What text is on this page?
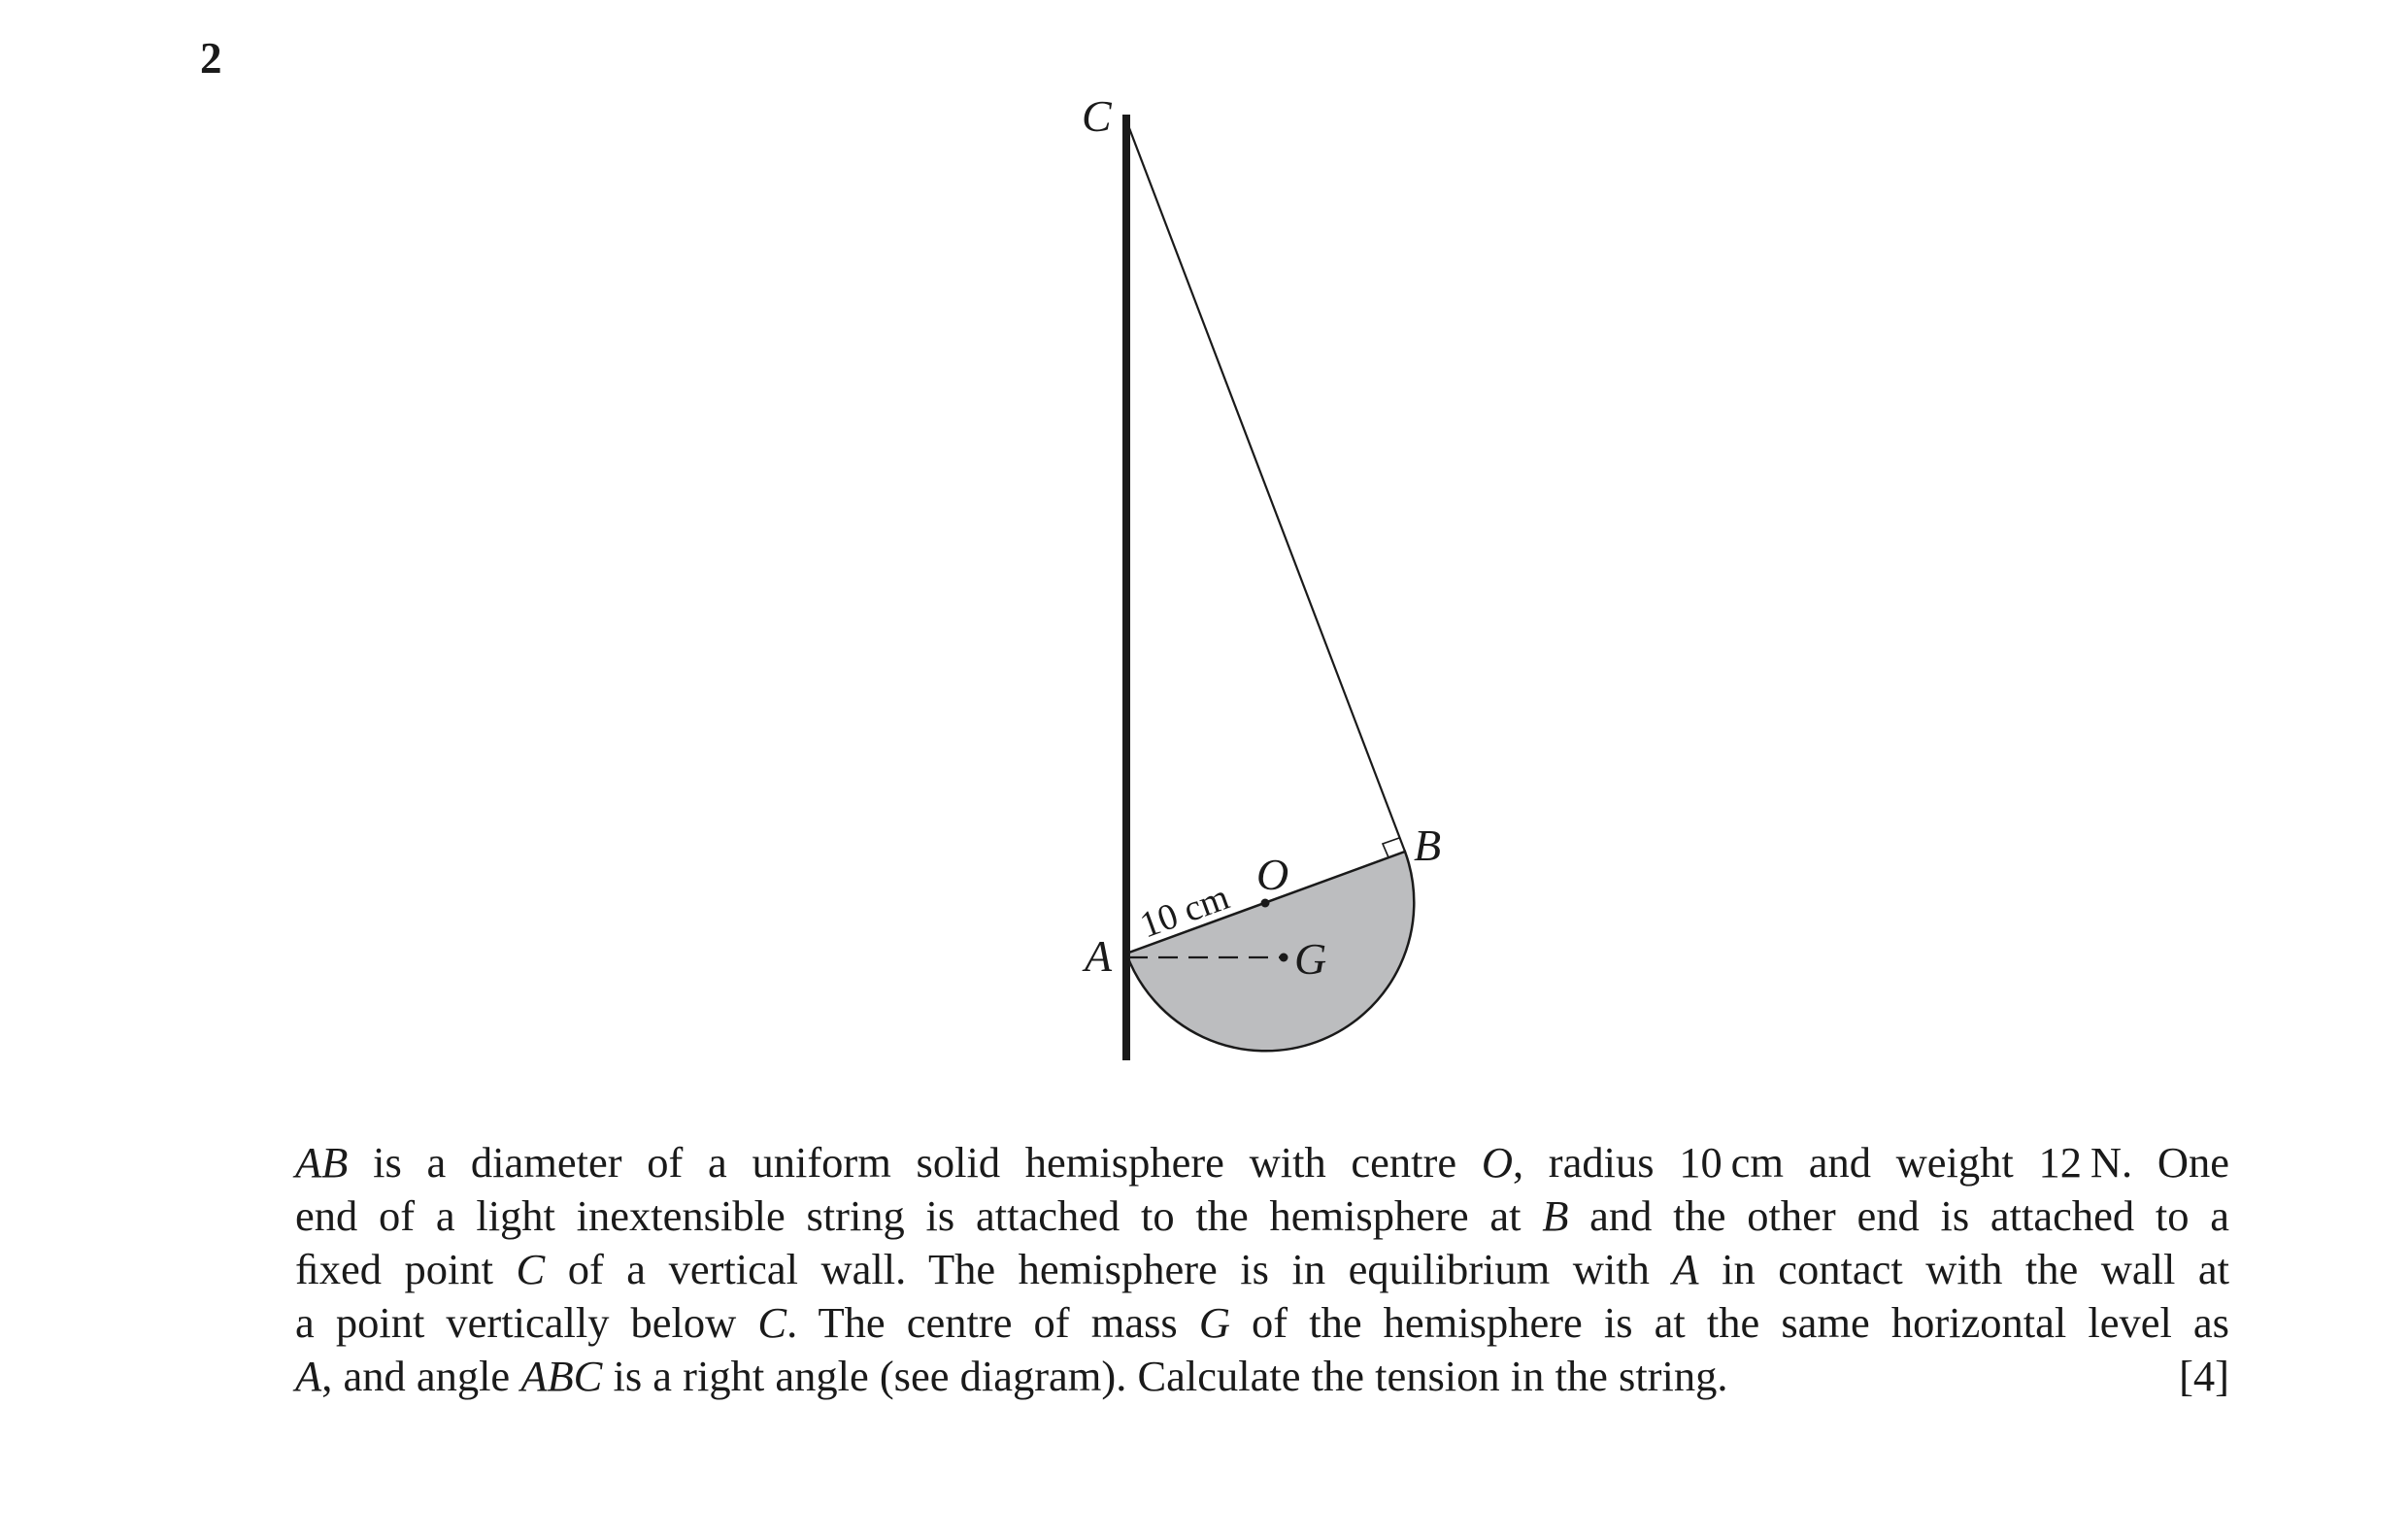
2
C
B
O
A	G
10 cm
AB is a diameter of a uniform solid hemisphere with centre O, radius 10 cm and weight 12 N. One
end of a light inextensible string is attached to the hemisphere at B and the other end is attached to a
ﬁxed point C of a vertical wall. The hemisphere is in equilibrium with A in contact with the wall at
a point vertically below C. The centre of mass G of the hemisphere is at the same horizontal level as
A, and angle ABC is a right angle (see diagram). Calculate the tension in the string.	[4]
